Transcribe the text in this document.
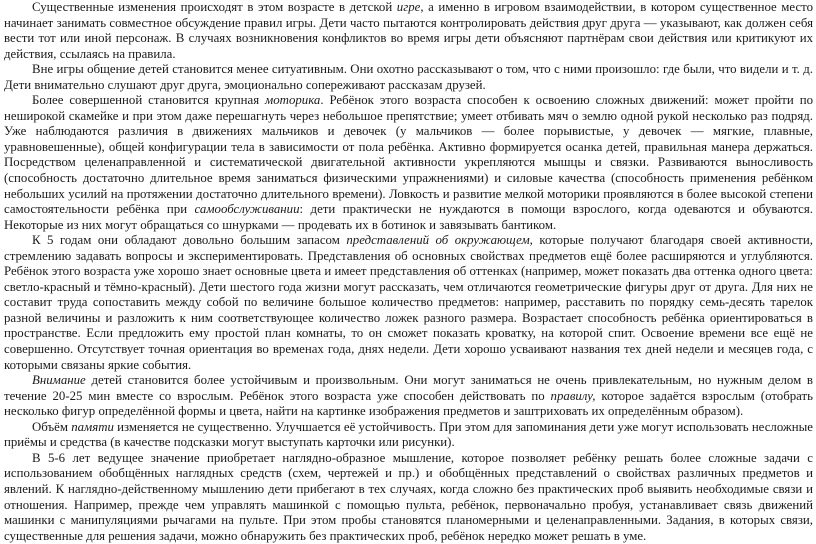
Существенные изменения происходят в этом возрасте в детской игре, а именно в игровом взаимодействии, в котором существенное место начинает занимать совместное обсуждение правил игры. Дети часто пытаются контролировать действия друг друга — указывают, как должен себя вести тот или иной персонаж. В случаях возникновения конфликтов во время игры дети объясняют партнёрам свои действия или критикуют их действия, ссылаясь на правила.

Вне игры общение детей становится менее ситуативным. Они охотно рассказывают о том, что с ними произошло: где были, что видели и т. д. Дети внимательно слушают друг друга, эмоционально сопереживают рассказам друзей.

Более совершенной становится крупная моторика. Ребёнок этого возраста способен к освоению сложных движений: может пройти по неширокой скамейке и при этом даже перешагнуть через небольшое препятствие; умеет отбивать мяч о землю одной рукой несколько раз подряд. Уже наблюдаются различия в движениях мальчиков и девочек (у мальчиков — более порывистые, у девочек — мягкие, плавные, уравновешенные), общей конфигурации тела в зависимости от пола ребёнка. Активно формируется осанка детей, правильная манера держаться. Посредством целенаправленной и систематической двигательной активности укрепляются мышцы и связки. Развиваются выносливость (способность достаточно длительное время заниматься физическими упражнениями) и силовые качества (способность применения ребёнком небольших усилий на протяжении достаточно длительного времени). Ловкость и развитие мелкой моторики проявляются в более высокой степени самостоятельности ребёнка при самообслуживании: дети практически не нуждаются в помощи взрослого, когда одеваются и обуваются. Некоторые из них могут обращаться со шнурками — продевать их в ботинок и завязывать бантиком.

К 5 годам они обладают довольно большим запасом представлений об окружающем, которые получают благодаря своей активности, стремлению задавать вопросы и экспериментировать. Представления об основных свойствах предметов ещё более расширяются и углубляются. Ребёнок этого возраста уже хорошо знает основные цвета и имеет представления об оттенках (например, может показать два оттенка одного цвета: светло-красный и тёмно-красный). Дети шестого года жизни могут рассказать, чем отличаются геометрические фигуры друг от друга. Для них не составит труда сопоставить между собой по величине большое количество предметов: например, расставить по порядку семь-десять тарелок разной величины и разложить к ним соответствующее количество ложек разного размера. Возрастает способность ребёнка ориентироваться в пространстве. Если предложить ему простой план комнаты, то он сможет показать кроватку, на которой спит. Освоение времени все ещё не совершенно. Отсутствует точная ориентация во временах года, днях недели. Дети хорошо усваивают названия тех дней недели и месяцев года, с которыми связаны яркие события.

Внимание детей становится более устойчивым и произвольным. Они могут заниматься не очень привлекательным, но нужным делом в течение 20-25 мин вместе со взрослым. Ребёнок этого возраста уже способен действовать по правилу, которое задаётся взрослым (отобрать несколько фигур определённой формы и цвета, найти на картинке изображения предметов и заштриховать их определённым образом).

Объём памяти изменяется не существенно. Улучшается её устойчивость. При этом для запоминания дети уже могут использовать несложные приёмы и средства (в качестве подсказки могут выступать карточки или рисунки).

В 5-6 лет ведущее значение приобретает наглядно-образное мышление, которое позволяет ребёнку решать более сложные задачи с использованием обобщённых наглядных средств (схем, чертежей и пр.) и обобщённых представлений о свойствах различных предметов и явлений. К наглядно-действенному мышлению дети прибегают в тех случаях, когда сложно без практических проб выявить необходимые связи и отношения. Например, прежде чем управлять машинкой с помощью пульта, ребёнок, первоначально пробуя, устанавливает связь движений машинки с манипуляциями рычагами на пульте. При этом пробы становятся планомерными и целенаправленными. Задания, в которых связи, существенные для решения задачи, можно обнаружить без практических проб, ребёнок нередко может решать в уме.
